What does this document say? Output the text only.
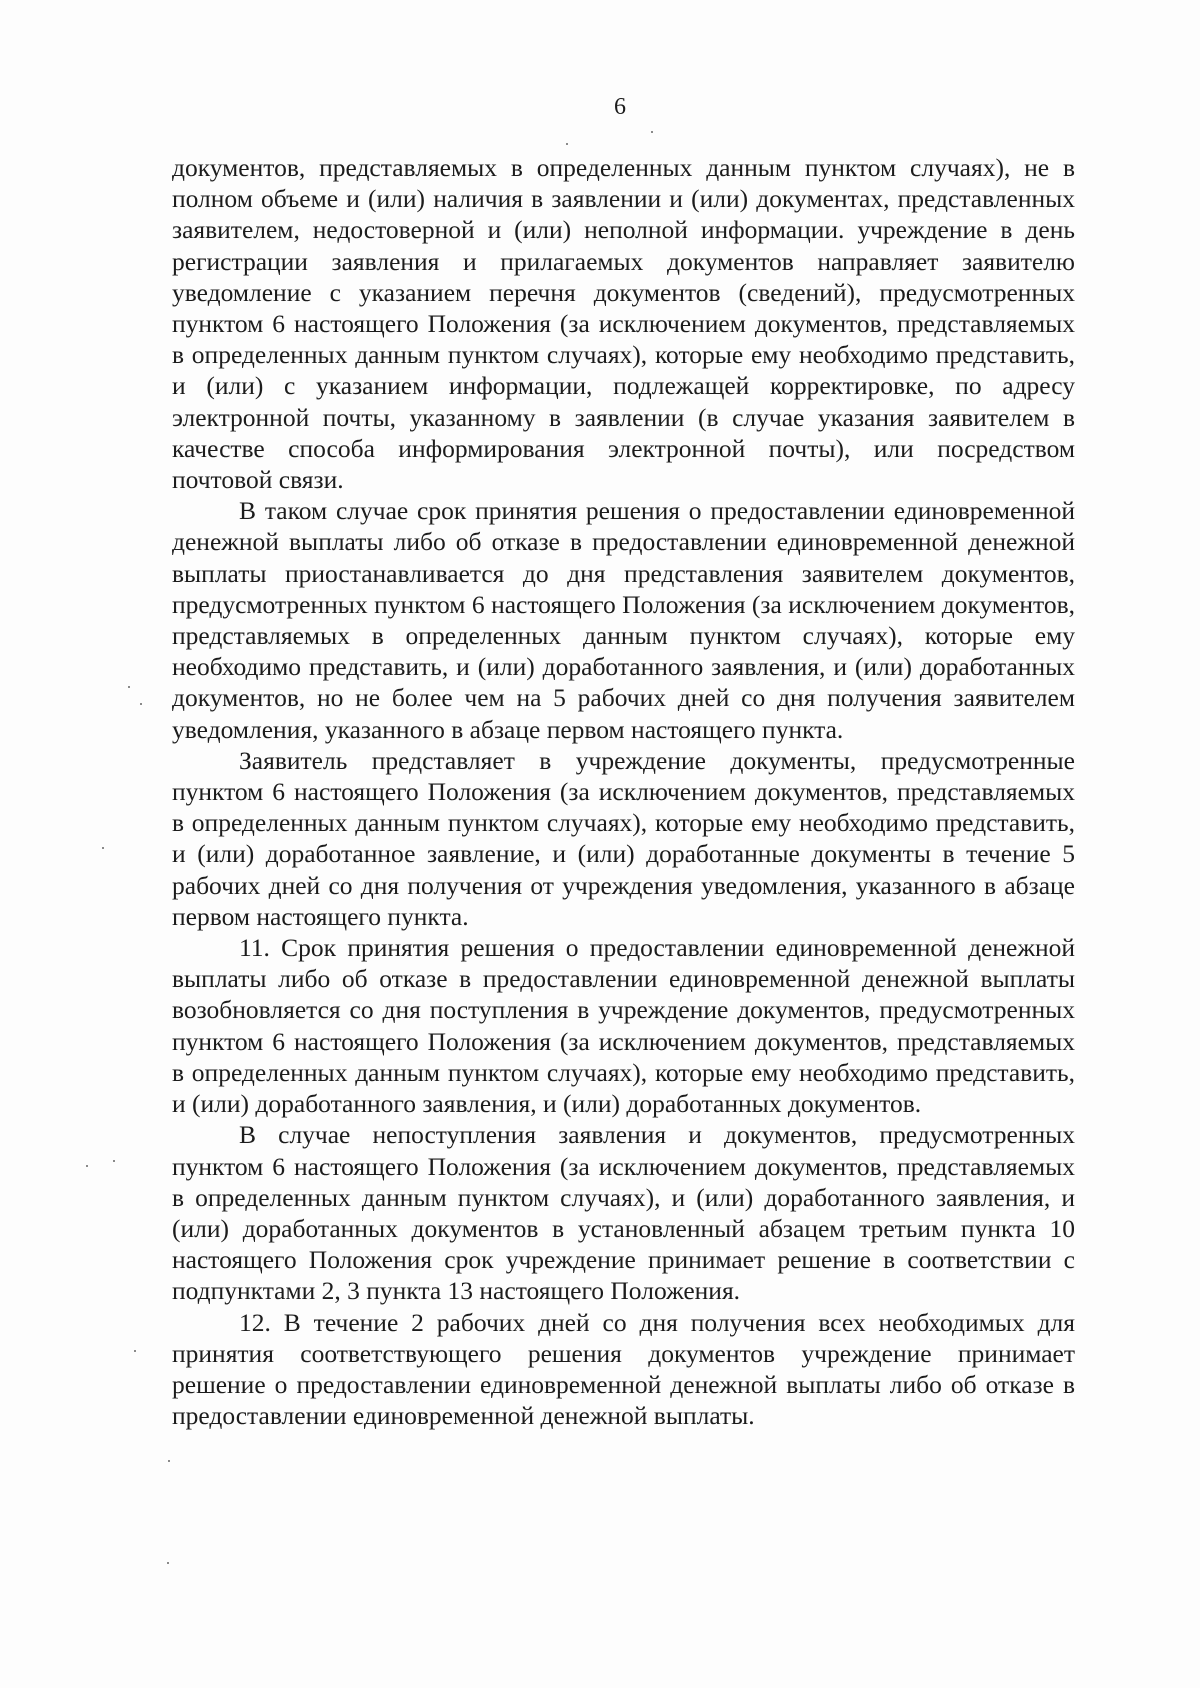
6

документов, представляемых в определенных данным пунктом случаях), не в полном объеме и (или) наличия в заявлении и (или) документах, представленных заявителем, недостоверной и (или) неполной информации. учреждение в день регистрации заявления и прилагаемых документов направляет заявителю уведомление с указанием перечня документов (сведений), предусмотренных пунктом 6 настоящего Положения (за исключением документов, представляемых в определенных данным пунктом случаях), которые ему необходимо представить, и (или) с указанием информации, подлежащей корректировке, по адресу электронной почты, указанному в заявлении (в случае указания заявителем в качестве способа информирования электронной почты), или посредством почтовой связи.

В таком случае срок принятия решения о предоставлении единовременной денежной выплаты либо об отказе в предоставлении единовременной денежной выплаты приостанавливается до дня представления заявителем документов, предусмотренных пунктом 6 настоящего Положения (за исключением документов, представляемых в определенных данным пунктом случаях), которые ему необходимо представить, и (или) доработанного заявления, и (или) доработанных документов, но не более чем на 5 рабочих дней со дня получения заявителем уведомления, указанного в абзаце первом настоящего пункта.

Заявитель представляет в учреждение документы, предусмотренные пунктом 6 настоящего Положения (за исключением документов, представляемых в определенных данным пунктом случаях), которые ему необходимо представить, и (или) доработанное заявление, и (или) доработанные документы в течение 5 рабочих дней со дня получения от учреждения уведомления, указанного в абзаце первом настоящего пункта.

11. Срок принятия решения о предоставлении единовременной денежной выплаты либо об отказе в предоставлении единовременной денежной выплаты возобновляется со дня поступления в учреждение документов, предусмотренных пунктом 6 настоящего Положения (за исключением документов, представляемых в определенных данным пунктом случаях), которые ему необходимо представить, и (или) доработанного заявления, и (или) доработанных документов.

В случае непоступления заявления и документов, предусмотренных пунктом 6 настоящего Положения (за исключением документов, представляемых в определенных данным пунктом случаях), и (или) доработанного заявления, и (или) доработанных документов в установленный абзацем третьим пункта 10 настоящего Положения срок учреждение принимает решение в соответствии с подпунктами 2, 3 пункта 13 настоящего Положения.

12. В течение 2 рабочих дней со дня получения всех необходимых для принятия соответствующего решения документов учреждение принимает решение о предоставлении единовременной денежной выплаты либо об отказе в предоставлении единовременной денежной выплаты.
